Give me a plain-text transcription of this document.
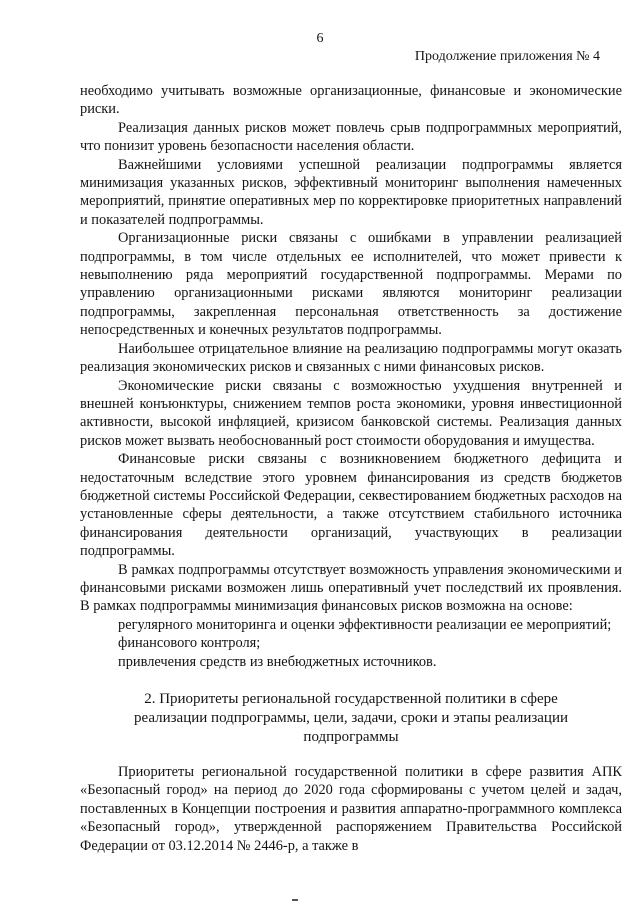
6
Продолжение приложения № 4

необходимо учитывать возможные организационные, финансовые и экономические риски.

Реализация данных рисков может повлечь срыв подпрограммных мероприятий, что понизит уровень безопасности населения области.

Важнейшими условиями успешной реализации подпрограммы является минимизация указанных рисков, эффективный мониторинг выполнения намеченных мероприятий, принятие оперативных мер по корректировке приоритетных направлений и показателей подпрограммы.

Организационные риски связаны с ошибками в управлении реализацией подпрограммы, в том числе отдельных ее исполнителей, что может привести к невыполнению ряда мероприятий государственной подпрограммы. Мерами по управлению организационными рисками являются мониторинг реализации подпрограммы, закрепленная персональная ответственность за достижение непосредственных и конечных результатов подпрограммы.

Наибольшее отрицательное влияние на реализацию подпрограммы могут оказать реализация экономических рисков и связанных с ними финансовых рисков.

Экономические риски связаны с возможностью ухудшения внутренней и внешней конъюнктуры, снижением темпов роста экономики, уровня инвестиционной активности, высокой инфляцией, кризисом банковской системы. Реализация данных рисков может вызвать необоснованный рост стоимости оборудования и имущества.

Финансовые риски связаны с возникновением бюджетного дефицита и недостаточным вследствие этого уровнем финансирования из средств бюджетов бюджетной системы Российской Федерации, секвестированием бюджетных расходов на установленные сферы деятельности, а также отсутствием стабильного источника финансирования деятельности организаций, участвующих в реализации подпрограммы.

В рамках подпрограммы отсутствует возможность управления экономическими и финансовыми рисками возможен лишь оперативный учет последствий их проявления. В рамках подпрограммы минимизация финансовых рисков возможна на основе:

регулярного мониторинга и оценки эффективности реализации ее мероприятий;

финансового контроля;

привлечения средств из внебюджетных источников.

2. Приоритеты региональной государственной политики в сфере
реализации подпрограммы, цели, задачи, сроки и этапы реализации
подпрограммы

Приоритеты региональной государственной политики в сфере развития АПК «Безопасный город» на период до 2020 года сформированы с учетом целей и задач, поставленных в Концепции построения и развития аппаратно-программного комплекса «Безопасный город», утвержденной распоряжением Правительства Российской Федерации от 03.12.2014 № 2446-р, а также в
